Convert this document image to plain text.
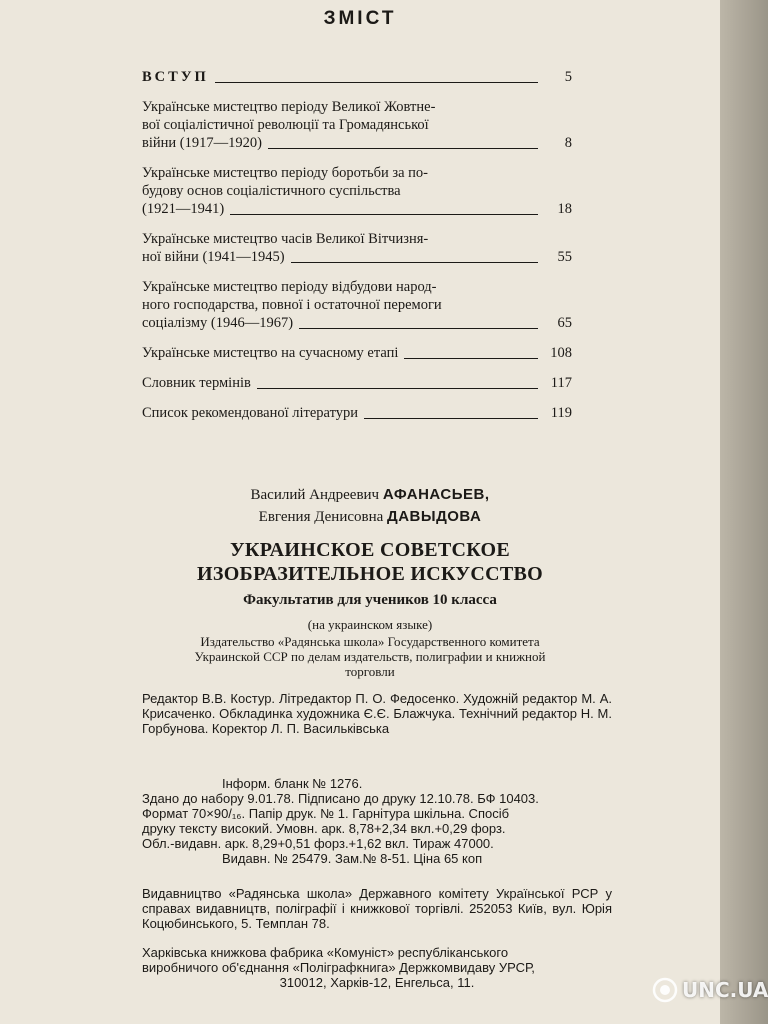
ЗМІСТ
ВСТУП	5
Українське мистецтво періоду Великої Жовтне-
вої соціалістичної революції та Громадянської
війни (1917—1920)	8
Українське мистецтво періоду боротьби за по-
будову основ соціалістичного суспільства
(1921—1941)	18
Українське мистецтво часів Великої Вітчизня-
ної війни (1941—1945)	55
Українське мистецтво періоду відбудови народ-
ного господарства, повної і остаточної перемоги
соціалізму (1946—1967)	65
Українське мистецтво на сучасному етапі	108
Словник термінів	117
Список рекомендованої літератури	119
Василий Андреевич АФАНАСЬЕВ,
Евгения Денисовна ДАВЫДОВА
УКРАИНСКОЕ СОВЕТСКОЕ
ИЗОБРАЗИТЕЛЬНОЕ ИСКУССТВО
Факультатив для учеников 10 класса
(на украинском языке)
Издательство «Радянська школа» Государственного комитета
Украинской ССР по делам издательств, полиграфии и книжной
торговли
Редактор В.В. Костур. Літредактор П. О. Федосенко. Художній редактор М. А. Крисаченко. Обкладинка художника Є.Є. Блажчука. Технічний редактор Н. М. Горбунова. Коректор Л. П. Васильківська
Інформ. бланк № 1276.
Здано до набору 9.01.78. Підписано до друку 12.10.78. БФ 10403.
Формат 70×90/₁₆. Папір друк. № 1. Гарнітура шкільна. Спосіб
друку тексту високий. Умовн. арк. 8,78+2,34 вкл.+0,29 форз.
Обл.-видавн. арк. 8,29+0,51 форз.+1,62 вкл. Тираж 47000.
Видавн. № 25479. Зам.№ 8-51. Ціна 65 коп
Видавництво «Радянська школа» Державного комітету Української РСР у справах видавництв, поліграфії і книжкової торгівлі. 252053 Київ, вул. Юрія Коцюбинського, 5. Темплан 78.
Харківська книжкова фабрика «Комуніст» республіканського
виробничого об'єднання «Поліграфкнига» Держкомвидаву УРСР,
310012, Харків-12, Енгельса, 11.	UNC.UA
